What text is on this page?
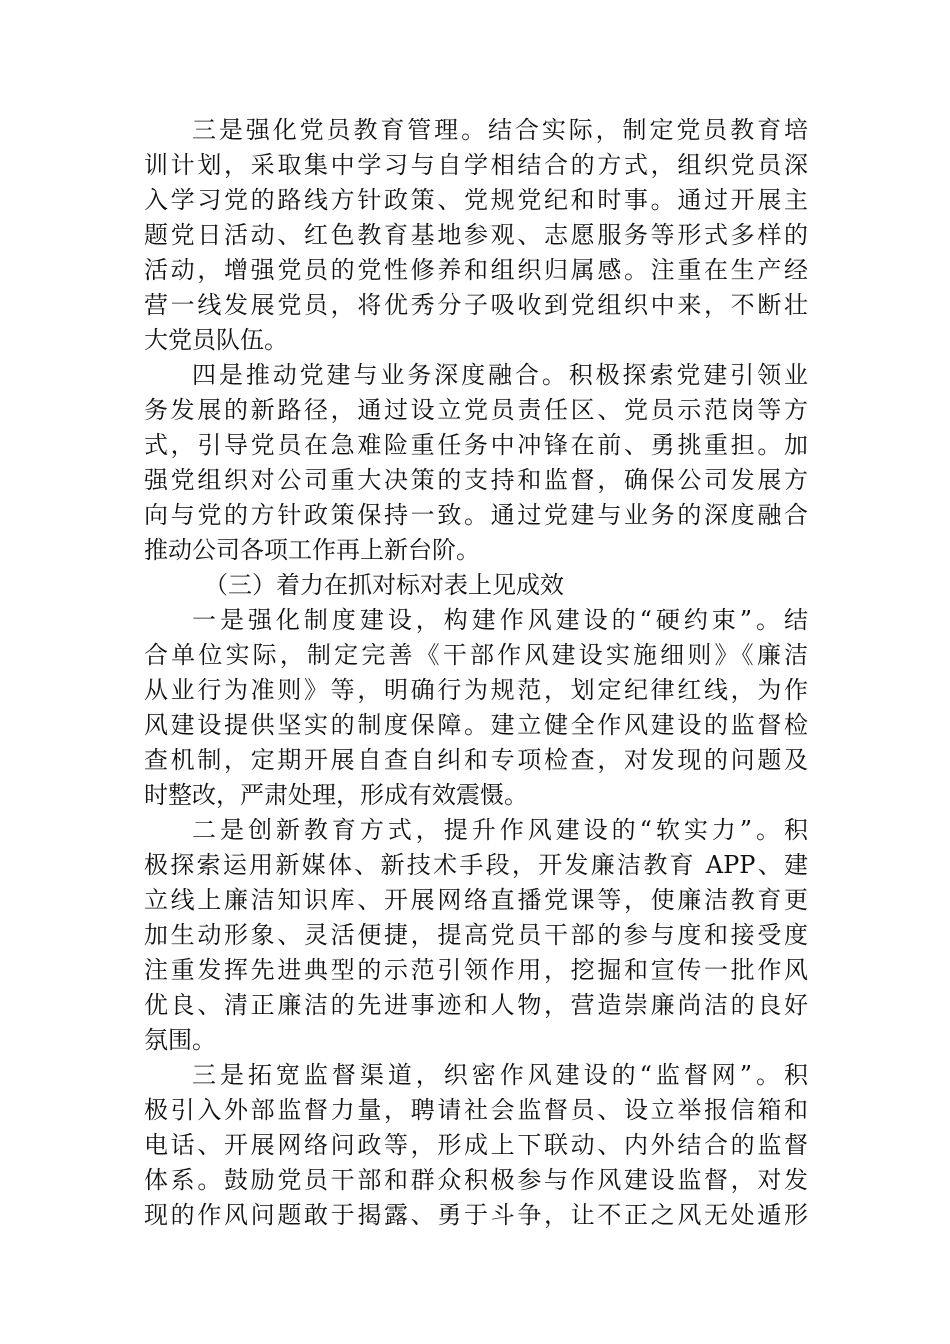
三是强化党员教育管理。结合实际，制定党员教育培
训计划，采取集中学习与自学相结合的方式，组织党员深
入学习党的路线方针政策、党规党纪和时事。通过开展主
题党日活动、红色教育基地参观、志愿服务等形式多样的
活动，增强党员的党性修养和组织归属感。注重在生产经
营一线发展党员，将优秀分子吸收到党组织中来，不断壮
大党员队伍。
四是推动党建与业务深度融合。积极探索党建引领业
务发展的新路径，通过设立党员责任区、党员示范岗等方
式，引导党员在急难险重任务中冲锋在前、勇挑重担。加
强党组织对公司重大决策的支持和监督，确保公司发展方
向与党的方针政策保持一致。通过党建与业务的深度融合
推动公司各项工作再上新台阶。
（三）着力在抓对标对表上见成效
一是强化制度建设，构建作风建设的“硬约束”。结
合单位实际，制定完善《干部作风建设实施细则》《廉洁
从业行为准则》等，明确行为规范，划定纪律红线，为作
风建设提供坚实的制度保障。建立健全作风建设的监督检
查机制，定期开展自查自纠和专项检查，对发现的问题及
时整改，严肃处理，形成有效震慑。
二是创新教育方式，提升作风建设的“软实力”。积
极探索运用新媒体、新技术手段，开发廉洁教育 APP、建
立线上廉洁知识库、开展网络直播党课等，使廉洁教育更
加生动形象、灵活便捷，提高党员干部的参与度和接受度
注重发挥先进典型的示范引领作用，挖掘和宣传一批作风
优良、清正廉洁的先进事迹和人物，营造崇廉尚洁的良好
氛围。
三是拓宽监督渠道，织密作风建设的“监督网”。积
极引入外部监督力量，聘请社会监督员、设立举报信箱和
电话、开展网络问政等，形成上下联动、内外结合的监督
体系。鼓励党员干部和群众积极参与作风建设监督，对发
现的作风问题敢于揭露、勇于斗争，让不正之风无处遁形
